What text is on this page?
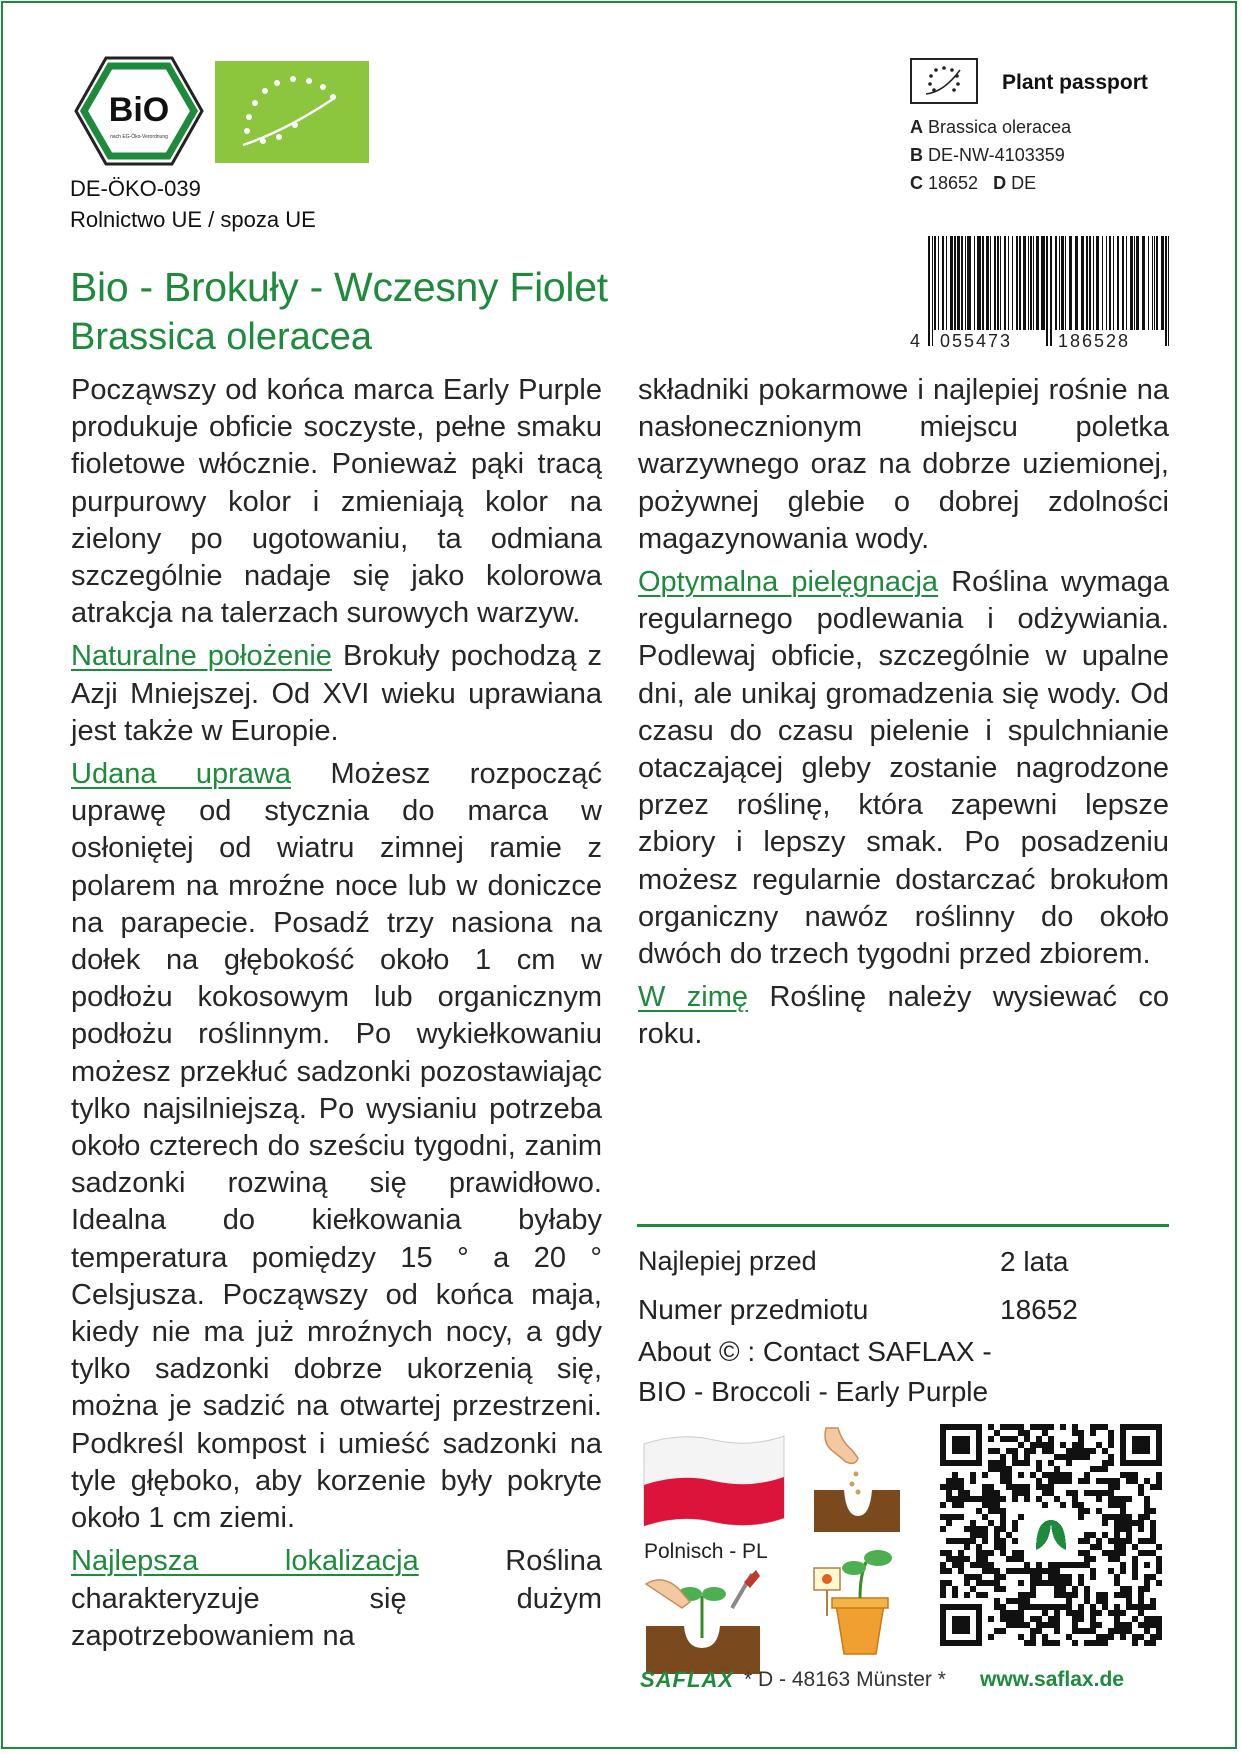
BiO
nach EG-Öko-Verordnung
DE-ÖKO-039
Rolnictwo UE / spoza UE
Plant passport
A Brassica oleracea
B DE-NW-4103359
C 18652 D DE
4 055473	186528
Bio - Brokuły - Wczesny Fiolet
Brassica oleracea

Począwszy od końca marca Early Purple produkuje obficie soczyste, pełne smaku fioletowe włócznie. Ponieważ pąki tracą purpurowy kolor i zmieniają kolor na zielony po ugotowaniu, ta odmiana szczególnie nadaje się jako kolorowa atrakcja na talerzach surowych warzyw.

Naturalne położenie Brokuły pochodzą z Azji Mniejszej. Od XVI wieku uprawiana jest także w Europie.

Udana uprawa Możesz rozpocząć uprawę od stycznia do marca w osłoniętej od wiatru zimnej ramie z polarem na mroźne noce lub w doniczce na parapecie. Posadź trzy nasiona na dołek na głębokość około 1 cm w podłożu kokosowym lub organicznym podłożu roślinnym. Po wykiełkowaniu możesz przekłuć sadzonki pozostawiając tylko najsilniejszą. Po wysianiu potrzeba około czterech do sześciu tygodni, zanim sadzonki rozwiną się prawidłowo. Idealna do kiełkowania byłaby temperatura pomiędzy 15 ° a 20 ° Celsjusza. Począwszy od końca maja, kiedy nie ma już mroźnych nocy, a gdy tylko sadzonki dobrze ukorzenią się, można je sadzić na otwartej przestrzeni. Podkreśl kompost i umieść sadzonki na tyle głęboko, aby korzenie były pokryte około 1 cm ziemi.

Najlepsza lokalizacja	Roślina charakteryzuje się dużym zapotrzebowaniem na

składniki pokarmowe i najlepiej rośnie na nasłonecznionym miejscu poletka warzywnego oraz na dobrze uziemionej, pożywnej glebie o dobrej zdolności magazynowania wody.

Optymalna pielęgnacja Roślina wymaga regularnego podlewania i odżywiania. Podlewaj obficie, szczególnie w upalne dni, ale unikaj gromadzenia się wody. Od czasu do czasu pielenie i spulchnianie otaczającej gleby zostanie nagrodzone przez roślinę, która zapewni lepsze zbiory i lepszy smak. Po posadzeniu możesz regularnie dostarczać brokułom organiczny nawóz roślinny do około dwóch do trzech tygodni przed zbiorem.

W zimę Roślinę należy wysiewać co roku.

Najlepiej przed	2 lata
Numer przedmiotu	18652
About © : Contact SAFLAX -
BIO - Broccoli - Early Purple
Polnisch - PL
SAFLAX * D - 48163 Münster * www.saflax.de
